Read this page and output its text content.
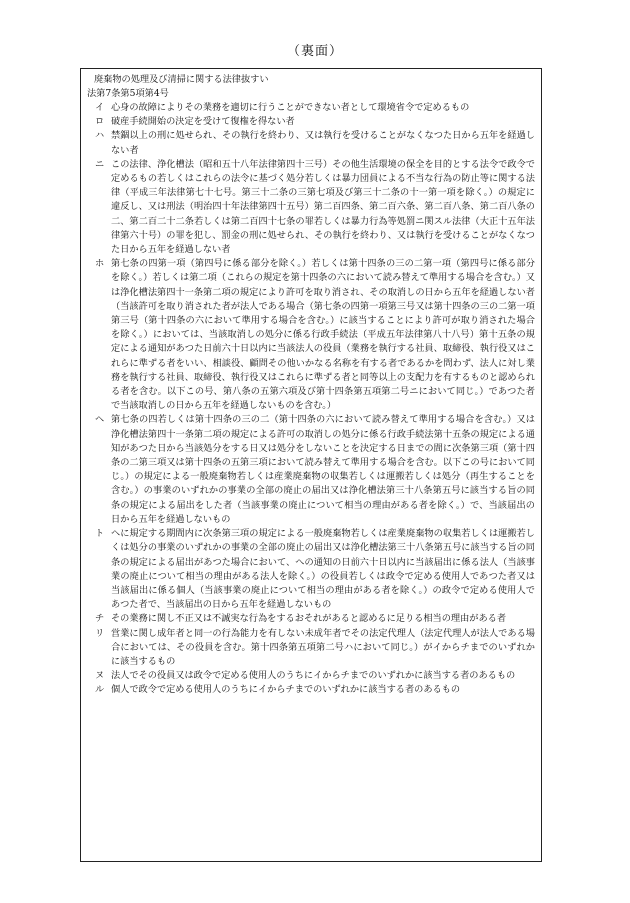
（裏面）
廃棄物の処理及び清掃に関する法律抜すい
法第7条第5項第4号
イ 心身の故障によりその業務を適切に行うことができない者として環境省令で定めるもの
ロ 破産手続開始の決定を受けて復権を得ない者
ハ 禁錮以上の刑に処せられ、その執行を終わり、又は執行を受けることがなくなつた日から五年を経過しない者
ニ この法律、浄化槽法（昭和五十八年法律第四十三号）その他生活環境の保全を目的とする法令で政令で定めるもの若しくはこれらの法令に基づく処分若しくは暴力団員による不当な行為の防止等に関する法律（平成三年法律第七十七号。第三十二条の三第七項及び第三十二条の十一第一項を除く。）の規定に違反し、又は刑法（明治四十年法律第四十五号）第二百四条、第二百六条、第二百八条、第二百八条の二、第二百二十二条若しくは第二百四十七条の罪若しくは暴力行為等処罰ニ関スル法律（大正十五年法律第六十号）の罪を犯し、罰金の刑に処せられ、その執行を終わり、又は執行を受けることがなくなつた日から五年を経過しない者
ホ 第七条の四第一項（第四号に係る部分を除く。）若しくは第十四条の三の二第一項（第四号に係る部分を除く。）若しくは第二項（これらの規定を第十四条の六において読み替えて準用する場合を含む。）又は浄化槽法第四十一条第二項の規定により許可を取り消され、その取消しの日から五年を経過しない者（当該許可を取り消された者が法人である場合（第七条の四第一項第三号又は第十四条の三の二第一項第三号（第十四条の六において準用する場合を含む。）に該当することにより許可が取り消された場合を除く。）においては、当該取消しの処分に係る行政手続法（平成五年法律第八十八号）第十五条の規定による通知があつた日前六十日以内に当該法人の役員（業務を執行する社員、取締役、執行役又はこれらに準ずる者をいい、相談役、顧問その他いかなる名称を有する者であるかを問わず、法人に対し業務を執行する社員、取締役、執行役又はこれらに準ずる者と同等以上の支配力を有するものと認められる者を含む。以下この号、第八条の五第六項及び第十四条第五項第二号ニにおいて同じ。）であつた者で当該取消しの日から五年を経過しないものを含む。）
ヘ 第七条の四若しくは第十四条の三の二（第十四条の六において読み替えて準用する場合を含む。）又は浄化槽法第四十一条第二項の規定による許可の取消しの処分に係る行政手続法第十五条の規定による通知があつた日から当該処分をする日又は処分をしないことを決定する日までの間に次条第三項（第十四条の二第三項又は第十四条の五第三項において読み替えて準用する場合を含む。以下この号において同じ。）の規定による一般廃棄物若しくは産業廃棄物の収集若しくは運搬若しくは処分（再生することを含む。）の事業のいずれかの事業の全部の廃止の届出又は浄化槽法第三十八条第五号に該当する旨の同条の規定による届出をした者（当該事業の廃止について相当の理由がある者を除く。）で、当該届出の日から五年を経過しないもの
ト ヘに規定する期間内に次条第三項の規定による一般廃棄物若しくは産業廃棄物の収集若しくは運搬若しくは処分の事業のいずれかの事業の全部の廃止の届出又は浄化槽法第三十八条第五号に該当する旨の同条の規定による届出があつた場合において、への通知の日前六十日以内に当該届出に係る法人（当該事業の廃止について相当の理由がある法人を除く。）の役員若しくは政令で定める使用人であつた者又は当該届出に係る個人（当該事業の廃止について相当の理由がある者を除く。）の政令で定める使用人であつた者で、当該届出の日から五年を経過しないもの
チ その業務に関し不正又は不誠実な行為をするおそれがあると認めるに足りる相当の理由がある者
リ 営業に関し成年者と同一の行為能力を有しない未成年者でその法定代理人（法定代理人が法人である場合においては、その役員を含む。第十四条第五項第二号ハにおいて同じ。）がイからチまでのいずれかに該当するもの
ヌ 法人でその役員又は政令で定める使用人のうちにイからチまでのいずれかに該当する者のあるもの
ル 個人で政令で定める使用人のうちにイからチまでのいずれかに該当する者のあるもの
